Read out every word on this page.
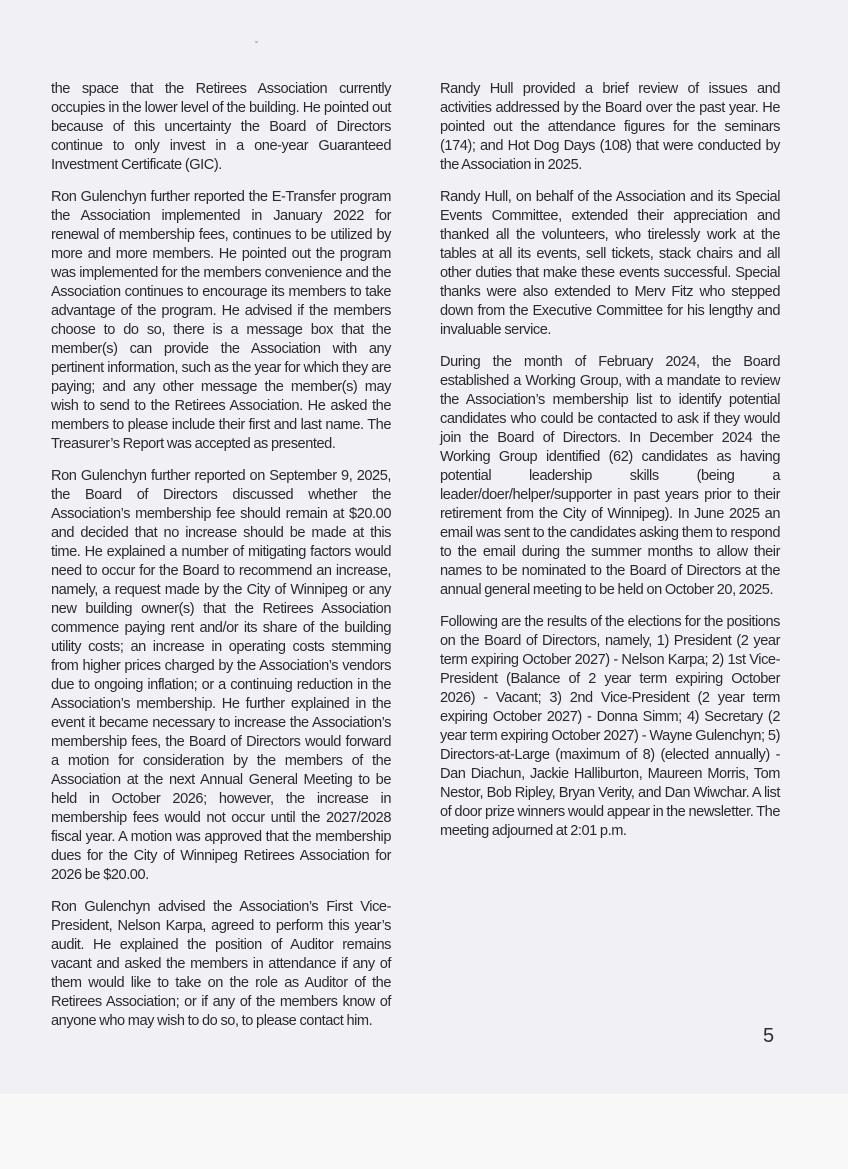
the space that the Retirees Association currently occupies in the lower level of the building. He pointed out because of this uncertainty the Board of Directors continue to only invest in a one-year Guaranteed Investment Certificate (GIC).

Ron Gulenchyn further reported the E-Transfer program the Association implemented in January 2022 for renewal of membership fees, continues to be utilized by more and more members. He pointed out the program was implemented for the members convenience and the Association continues to encourage its members to take advantage of the program. He advised if the members choose to do so, there is a message box that the member(s) can provide the Association with any pertinent information, such as the year for which they are paying; and any other message the member(s) may wish to send to the Retirees Association. He asked the members to please include their first and last name. The Treasurer’s Report was accepted as presented.

Ron Gulenchyn further reported on September 9, 2025, the Board of Directors discussed whether the Association’s membership fee should remain at $20.00 and decided that no increase should be made at this time. He explained a number of mitigating factors would need to occur for the Board to recommend an increase, namely, a request made by the City of Winnipeg or any new building owner(s) that the Retirees Association commence paying rent and/or its share of the building utility costs; an increase in operating costs stemming from higher prices charged by the Association’s vendors due to ongoing inflation; or a continuing reduction in the Association’s membership. He further explained in the event it became necessary to increase the Association’s membership fees, the Board of Directors would forward a motion for consideration by the members of the Association at the next Annual General Meeting to be held in October 2026; however, the increase in membership fees would not occur until the 2027/2028 fiscal year. A motion was approved that the membership dues for the City of Winnipeg Retirees Association for 2026 be $20.00.

Ron Gulenchyn advised the Association’s First Vice-President, Nelson Karpa, agreed to perform this year’s audit. He explained the position of Auditor remains vacant and asked the members in attendance if any of them would like to take on the role as Auditor of the Retirees Association; or if any of the members know of anyone who may wish to do so, to please contact him.

Randy Hull provided a brief review of issues and activities addressed by the Board over the past year. He pointed out the attendance figures for the seminars (174); and Hot Dog Days (108) that were conducted by the Association in 2025.

Randy Hull, on behalf of the Association and its Special Events Committee, extended their appreciation and thanked all the volunteers, who tirelessly work at the tables at all its events, sell tickets, stack chairs and all other duties that make these events successful. Special thanks were also extended to Merv Fitz who stepped down from the Executive Committee for his lengthy and invaluable service.

During the month of February 2024, the Board established a Working Group, with a mandate to review the Association’s membership list to identify potential candidates who could be contacted to ask if they would join the Board of Directors. In December 2024 the Working Group identified (62) candidates as having potential leadership skills (being a leader/doer/helper/supporter in past years prior to their retirement from the City of Winnipeg). In June 2025 an email was sent to the candidates asking them to respond to the email during the summer months to allow their names to be nominated to the Board of Directors at the annual general meeting to be held on October 20, 2025.

Following are the results of the elections for the positions on the Board of Directors, namely, 1) President (2 year term expiring October 2027) - Nelson Karpa; 2) 1st Vice-President (Balance of 2 year term expiring October 2026) - Vacant; 3) 2nd Vice-President (2 year term expiring October 2027) - Donna Simm; 4) Secretary (2 year term expiring October 2027) - Wayne Gulenchyn; 5) Directors-at-Large (maximum of 8) (elected annually) - Dan Diachun, Jackie Halliburton, Maureen Morris, Tom Nestor, Bob Ripley, Bryan Verity, and Dan Wiwchar. A list of door prize winners would appear in the newsletter. The meeting adjourned at 2:01 p.m.

5
